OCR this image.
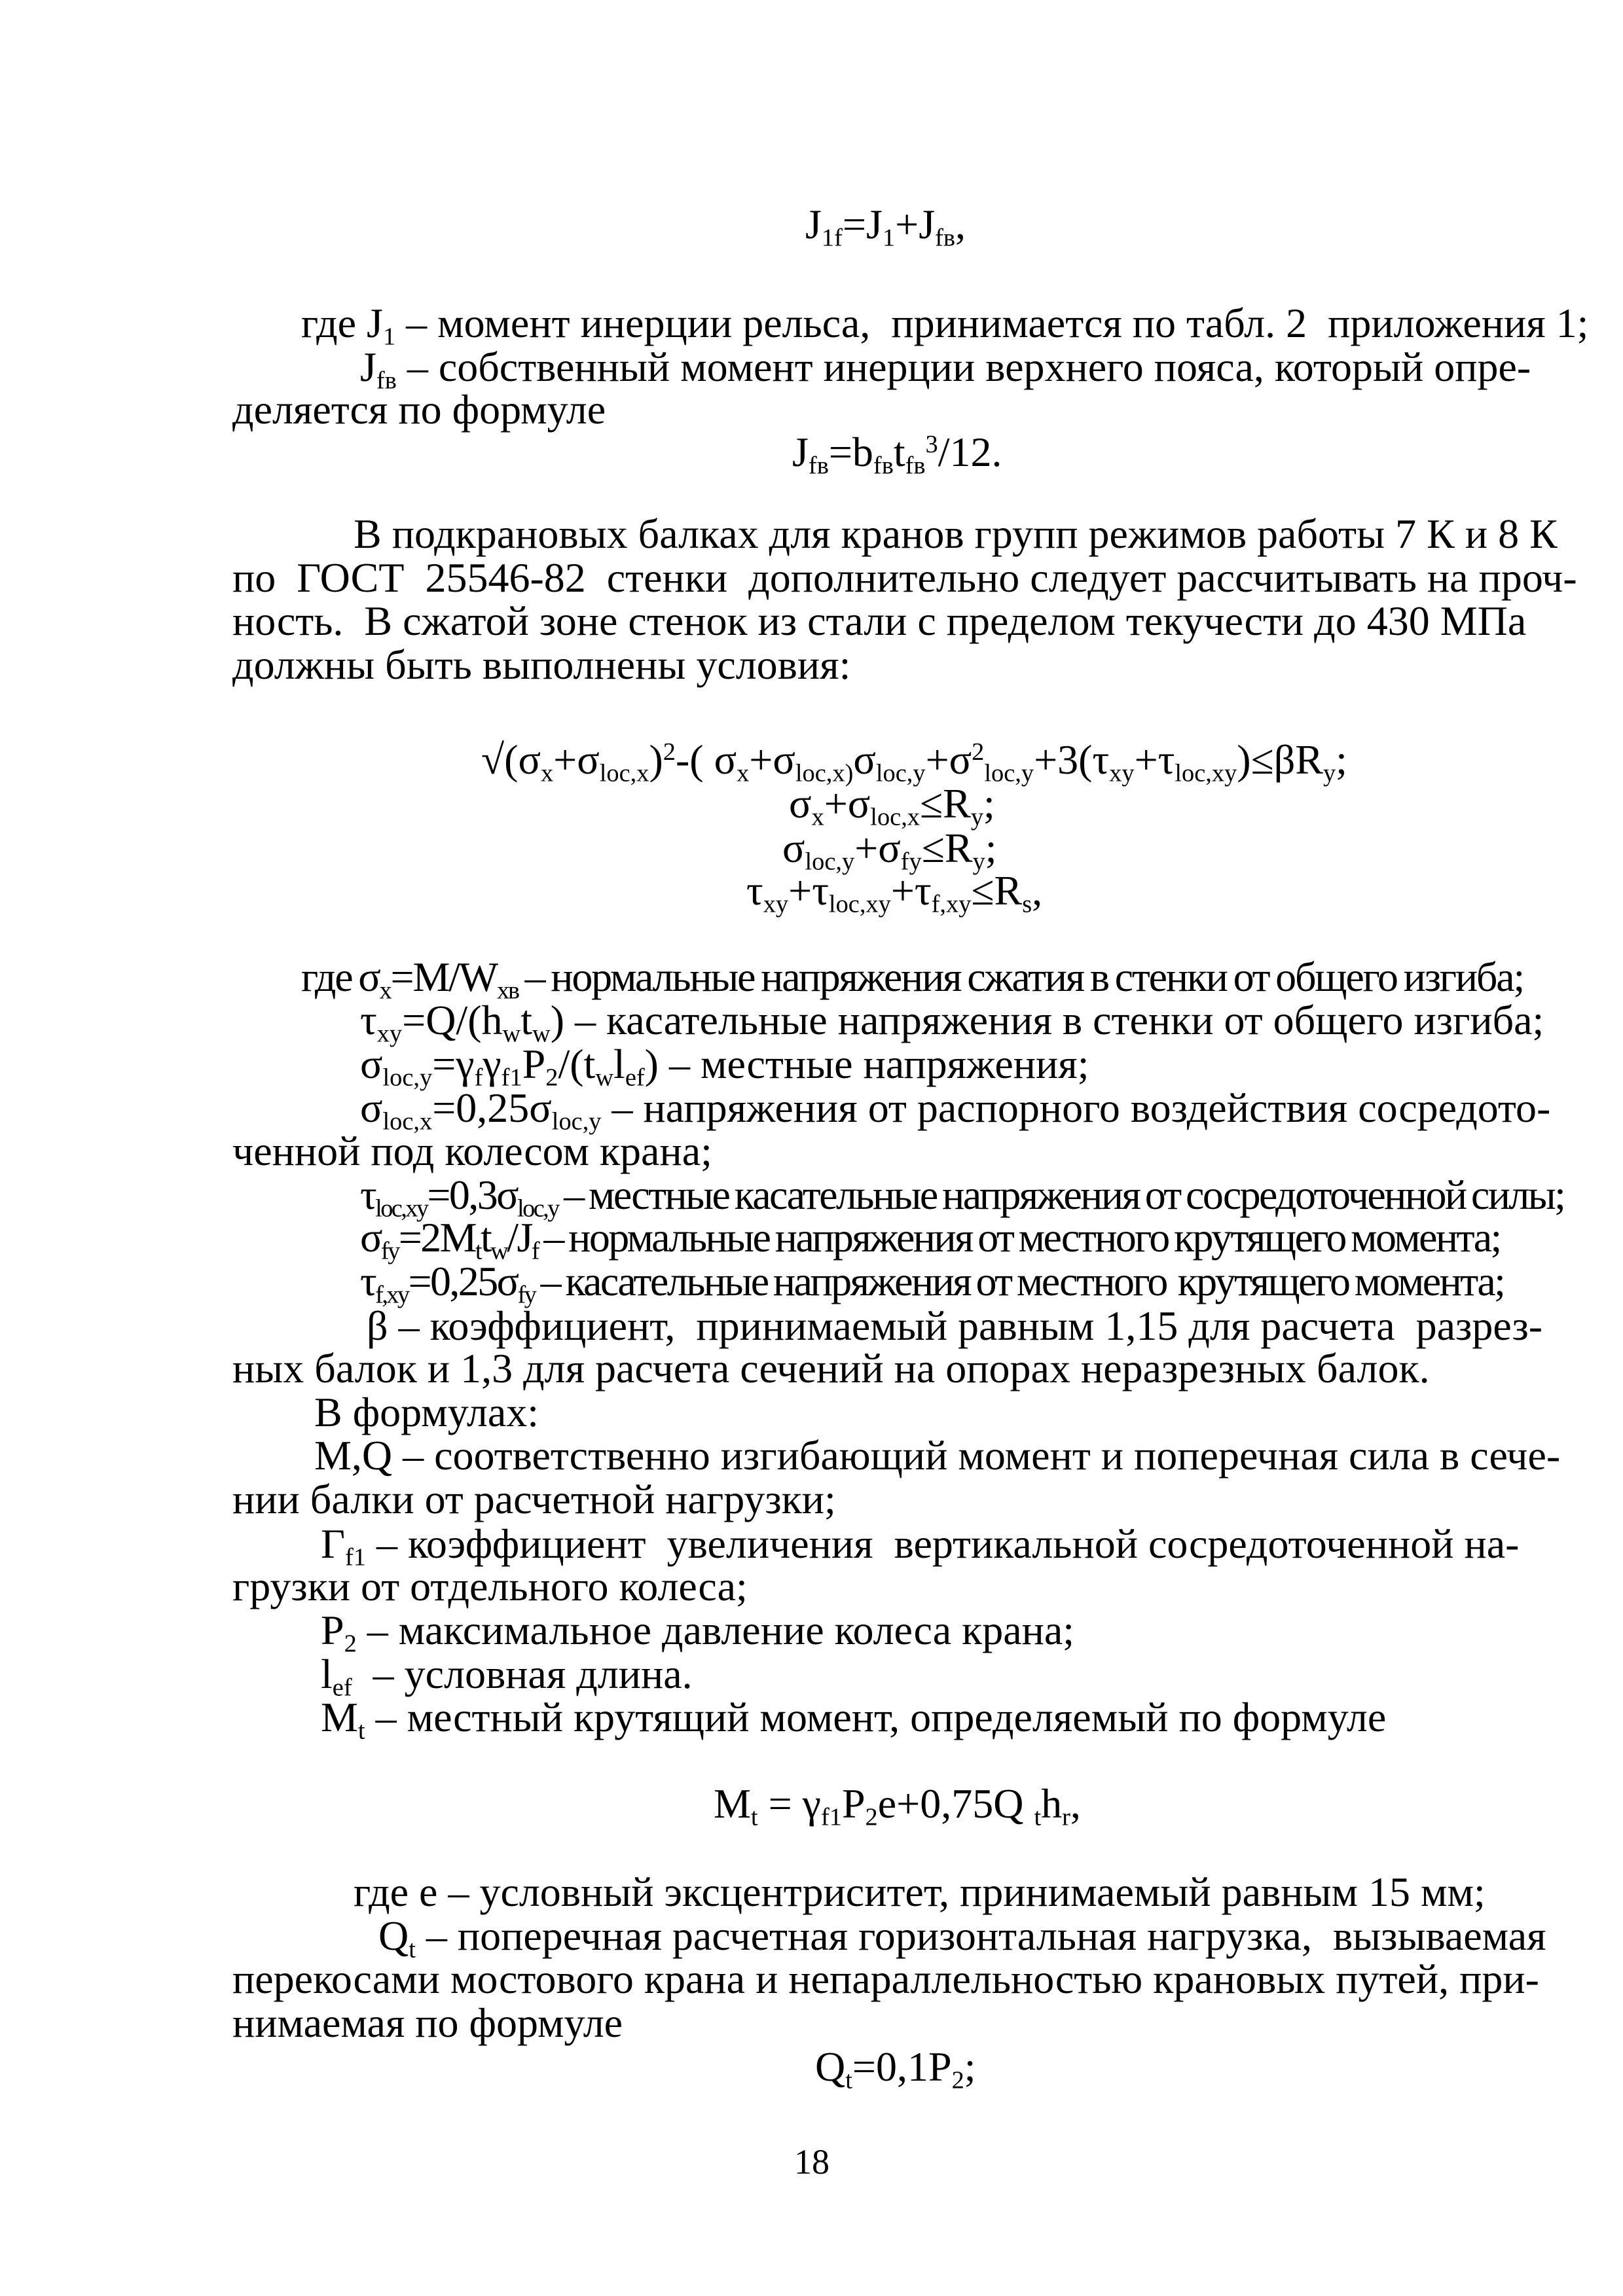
$J_{1f}=J_1+J_{fв}$,
где $J_1$ – момент инерции рельса,  принимается по табл. 2  приложения 1;
$J_{fв}$ – собственный момент инерции верхнего пояса, который опре-
деляется по формуле
$J_{fв}=b_{fв}t_{fв}^3/12$.
В подкрановых балках для кранов групп режимов работы 7 К и 8 К
по  ГОСТ  25546-82  стенки  дополнительно следует рассчитывать на проч-
ность.  В сжатой зоне стенок из стали с пределом текучести до 430 МПа
должны быть выполнены условия:
$√(\sigma_x+\sigma_{loc,x})^2-$( $\sigma_x+\sigma_{loc,x)}\sigma_{loc,y}+\sigma^2_{loc,y}+3(\tau_{xy}+\tau_{loc,xy})\le\beta R_y$;
$\sigma_x+\sigma_{loc,x}\le R_y$;
$\sigma_{loc,y}+\sigma_{fy}\le R_y$;
$\tau_{xy}+\tau_{loc,xy}+\tau_{f,xy}\le R_s$,
где $\sigma_x=M/W_{хв}$ – нормальные напряжения сжатия в стенки от общего изгиба;
$\tau_{xy}=Q/(h_wt_w)$ – касательные напряжения в стенки от общего изгиба;
$\sigma_{loc,y}=\gamma_f\gamma_{f1}P_2/(t_wl_{ef})$ – местные напряжения;
$\sigma_{loc,x}=0,25\sigma_{loc,y}$ – напряжения от распорного воздействия сосредото-
ченной под колесом крана;
$\tau_{loc,xy}=0,3\sigma_{loc,y}$ – местные касательные напряжения от сосредоточенной силы;
$\sigma_{fy}=2M_tt_w/J_f$ – нормальные напряжения от местного крутящего момента;
$\tau_{f,xy}=0,25\sigma_{fy}$ – касательные напряжения от местного  крутящего момента;
β – коэффициент,  принимаемый равным 1,15 для расчета  разрез-
ных балок и 1,3 для расчета сечений на опорах неразрезных балок.
В формулах:
M,Q – соответственно изгибающий момент и поперечная сила в сече-
нии балки от расчетной нагрузки;
$Г_{f1}$ – коэффициент  увеличения  вертикальной сосредоточенной на-
грузки от отдельного колеса;
$P_2$ – максимальное давление колеса крана;
$l_{ef}$  – условная длина.
$M_t$ – местный крутящий момент, определяемый по формуле
$M_t = \gamma_{f1}P_2e+0,75Q$ $_th_r$,
где е – условный эксцентриситет, принимаемый равным 15 мм;
$Q_t$ – поперечная расчетная горизонтальная нагрузка,  вызываемая
перекосами мостового крана и непараллельностью крановых путей, при-
нимаемая по формуле
$Q_t=0,1P_2$;
18
